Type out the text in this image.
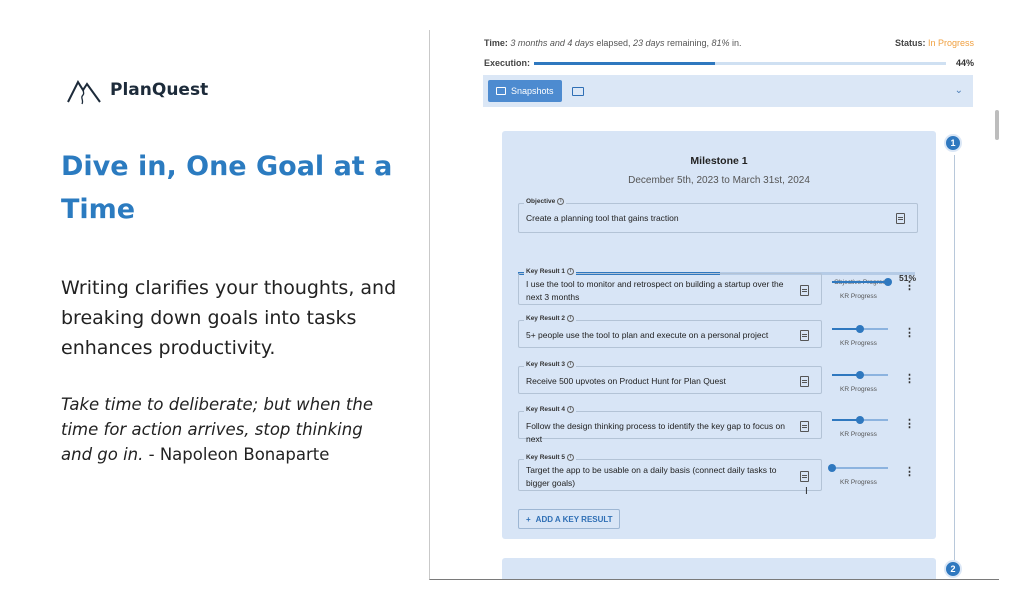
PlanQuest
Dive in, One Goal at a Time
Writing clarifies your thoughts, and breaking down goals into tasks enhances productivity.
Take time to deliberate; but when the time for action arrives, stop thinking and go in. - Napoleon Bonaparte
Time: 3 months and 4 days elapsed, 23 days remaining, 81% in.	Status: In Progress
Execution:	44%
Snapshots	⌄
1
2
Milestone 1
December 5th, 2023 to March 31st, 2024
Objective i
Create a planning tool that gains traction
51%
Key Result 1 i
I use the tool to monitor and retrospect on building a startup over the next 3 months	KR Progress
⋮
Key Result 2 i
5+ people use the tool to plan and execute on a personal project
KR Progress
⋮
Key Result 3 i
Receive 500 upvotes on Product Hunt for Plan Quest
KR Progress
⋮
Key Result 4 i
Follow the design thinking process to identify the key gap to focus on next	KR Progress
⋮
Key Result 5 i
Target the app to be usable on a daily basis (connect daily tasks to bigger goals)	KR Progress
⋮
+ ADD A KEY RESULT
I
